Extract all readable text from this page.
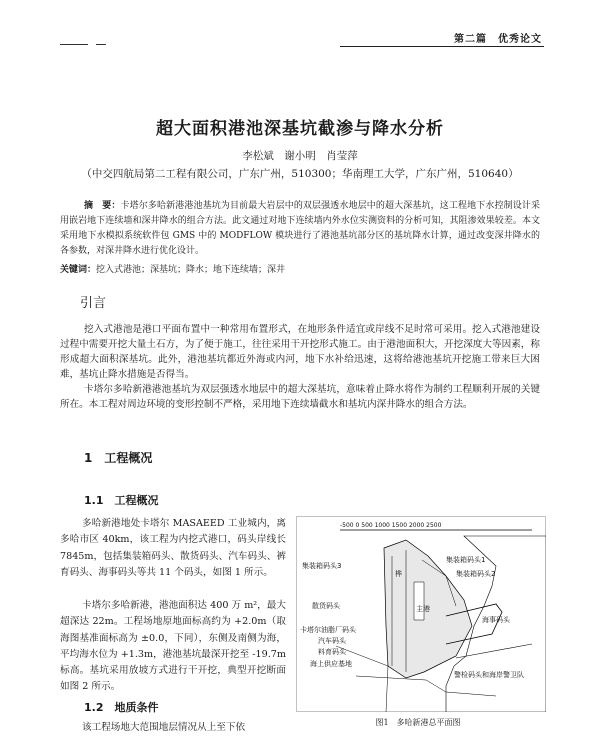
第二篇　优秀论文
超大面积港池深基坑截渗与降水分析
李松斌　谢小明　肖莹萍
（中交四航局第二工程有限公司，广东广州，510300；华南理工大学，广东广州，510640）
摘　要：卡塔尔多哈新港港池基坑为目前最大岩层中的双层强透水地层中的超大深基坑，这工程地下水控制设计采用嵌岩地下连续墙和深井降水的组合方法。此文通过对地下连续墙内外水位实测资料的分析可知，其阻渗效果较差。本文采用地下水模拟系统软件包 GMS 中的 MODFLOW 模块进行了港池基坑部分区的基坑降水计算，通过改变深井降水的各参数，对深井降水进行优化设计。
关键词：挖入式港池；深基坑；降水；地下连续墙；深井
引言

挖入式港池是港口平面布置中一种常用布置形式，在地形条件适宜或岸线不足时常可采用。挖入式港池建设过程中需要开挖大量土石方，为了便于施工，往往采用干开挖形式施工。由于港池面积大，开挖深度大等因素，称形成超大面积深基坑。此外，港池基坑都近外海或内河，地下水补给迅速，这将给港池基坑开挖施工带来巨大困难，基坑止降水措施是否得当。

卡塔尔多哈新港港池基坑为双层强透水地层中的超大深基坑，意味着止降水将作为制约工程顺利开展的关键所在。本工程对周边环境的变形控制不严格，采用地下连续墙截水和基坑内深井降水的组合方法。

1　工程概况
1.1　工程概况

多哈新港地处卡塔尔 MASAEED 工业城内，离多哈市区 40km，该工程为内挖式港口，码头岸线长 7845m，包括集装箱码头、散货码头、汽车码头、裤育码头、海事码头等共 11 个码头，如图 1 所示。

卡塔尔多哈新港，港池面积达 400 万 m²，最大超深达 22m。工程场地原地面标高约为 +2.0m（取海图基准面标高为 ±0.0，下同），东侧及南侧为海，平均海水位为 +1.3m，港池基坑最深开挖至 -19.7m 标高。基坑采用放坡方式进行干开挖，典型开挖断面如图 2 所示。

1.2　地质条件

该工程场地大范围地层情况从上至下依

-500 0 500 1000 1500 2000 2500
集装箱码头3
集装箱码头1
集装箱码头2
散货码头
卡塔尔油脂厂码头
汽车码头
料育码头
海上供应基地
海事码头
警检码头和海岸警卫队
桦
主港
图1　多哈新港总平面图
